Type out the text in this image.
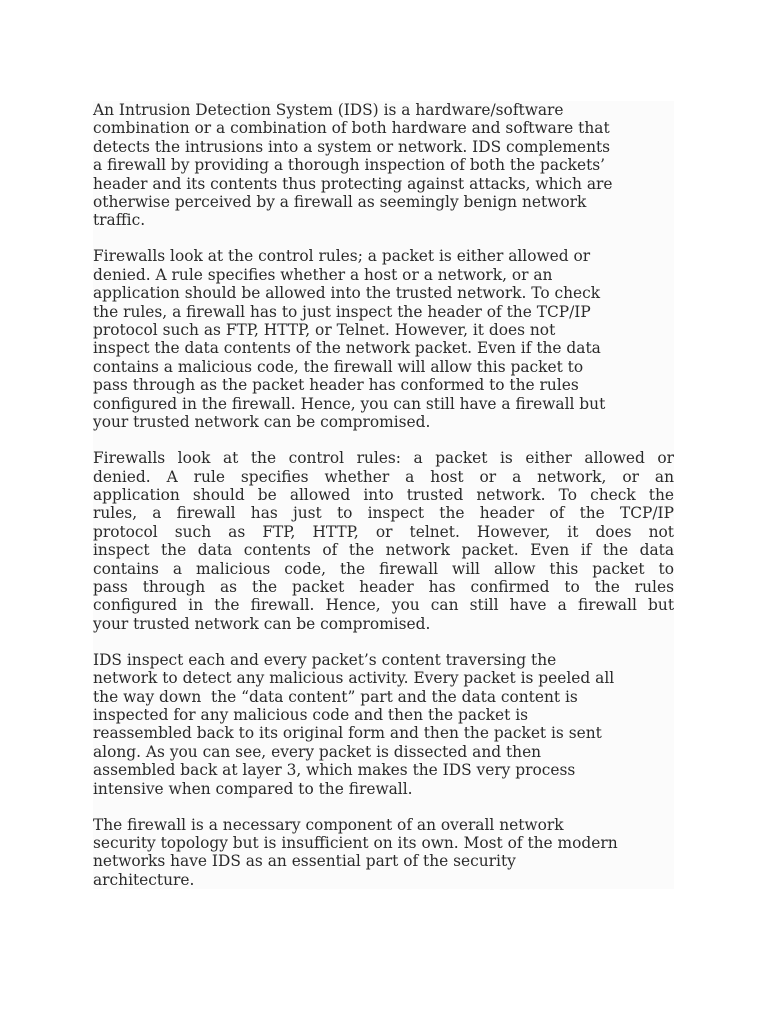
An Intrusion Detection System (IDS) is a hardware/software
combination or a combination of both hardware and software that
detects the intrusions into a system or network. IDS complements
a firewall by providing a thorough inspection of both the packets’
header and its contents thus protecting against attacks, which are
otherwise perceived by a firewall as seemingly benign network
traffic.

Firewalls look at the control rules; a packet is either allowed or
denied. A rule specifies whether a host or a network, or an
application should be allowed into the trusted network. To check
the rules, a firewall has to just inspect the header of the TCP/IP
protocol such as FTP, HTTP, or Telnet. However, it does not
inspect the data contents of the network packet. Even if the data
contains a malicious code, the firewall will allow this packet to
pass through as the packet header has conformed to the rules
configured in the firewall. Hence, you can still have a firewall but
your trusted network can be compromised.

Firewalls look at the control rules: a packet is either allowed or
denied. A rule specifies whether a host or a network, or an
application should be allowed into trusted network. To check the
rules, a firewall has just to inspect the header of the TCP/IP
protocol such as FTP, HTTP, or telnet. However, it does not
inspect the data contents of the network packet. Even if the data
contains a malicious code, the firewall will allow this packet to
pass through as the packet header has confirmed to the rules
configured in the firewall. Hence, you can still have a firewall but
your trusted network can be compromised.

IDS inspect each and every packet’s content traversing the
network to detect any malicious activity. Every packet is peeled all
the way down  the “data content” part and the data content is
inspected for any malicious code and then the packet is
reassembled back to its original form and then the packet is sent
along. As you can see, every packet is dissected and then
assembled back at layer 3, which makes the IDS very process
intensive when compared to the firewall.

The firewall is a necessary component of an overall network
security topology but is insufficient on its own. Most of the modern
networks have IDS as an essential part of the security
architecture.
